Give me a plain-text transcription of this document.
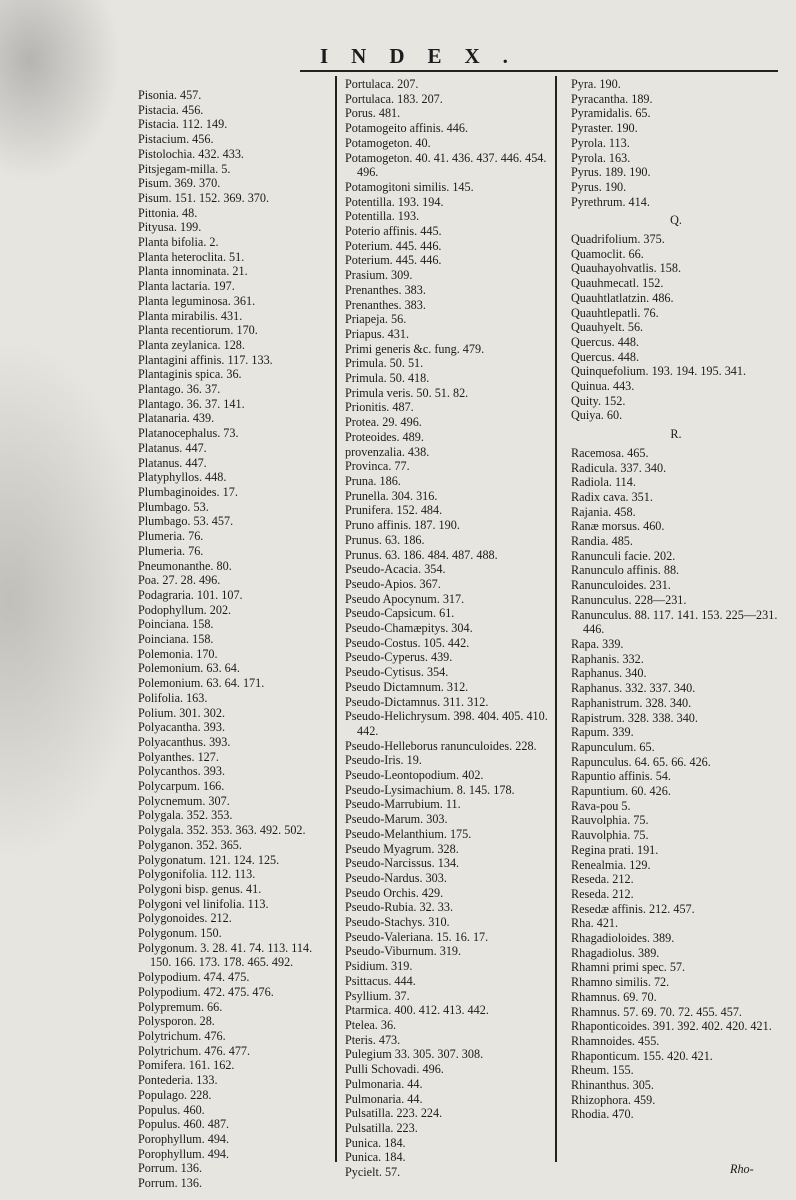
INDEX.
Pisonia. 457.
Pistacia. 456.
Pistacia. 112. 149.
Pistacium. 456.
Pistolochia. 432. 433.
Pitsjegam-milla. 5.
Pisum. 369. 370.
Pisum. 151. 152. 369. 370.
Pittonia. 48.
Pityusa. 199.
Planta bifolia. 2.
Planta heteroclita. 51.
Planta innominata. 21.
Planta lactaria. 197.
Planta leguminosa. 361.
Planta mirabilis. 431.
Planta recentiorum. 170.
Planta zeylanica. 128.
Plantagini affinis. 117. 133.
Plantaginis spica. 36.
Plantago. 36. 37.
Plantago. 36. 37. 141.
Platanaria. 439.
Platanocephalus. 73.
Platanus. 447.
Platanus. 447.
Platyphyllos. 448.
Plumbaginoides. 17.
Plumbago. 53.
Plumbago. 53. 457.
Plumeria. 76.
Plumeria. 76.
Pneumonanthe. 80.
Poa. 27. 28. 496.
Podagraria. 101. 107.
Podophyllum. 202.
Poinciana. 158.
Poinciana. 158.
Polemonia. 170.
Polemonium. 63. 64.
Polemonium. 63. 64. 171.
Polifolia. 163.
Polium. 301. 302.
Polyacantha. 393.
Polyacanthus. 393.
Polyanthes. 127.
Polycanthos. 393.
Polycarpum. 166.
Polycnemum. 307.
Polygala. 352. 353.
Polygala. 352. 353. 363. 492. 502.
Polyganon. 352. 365.
Polygonatum. 121. 124. 125.
Polygonifolia. 112. 113.
Polygoni bisp. genus. 41.
Polygoni vel linifolia. 113.
Polygonoides. 212.
Polygonum. 150.
Polygonum. 3. 28. 41. 74. 113. 114. 150. 166. 173. 178. 465. 492.
Polypodium. 474. 475.
Polypodium. 472. 475. 476.
Polypremum. 66.
Polysporon. 28.
Polytrichum. 476.
Polytrichum. 476. 477.
Pomifera. 161. 162.
Pontederia. 133.
Populago. 228.
Populus. 460.
Populus. 460. 487.
Porophyllum. 494.
Porophyllum. 494.
Porrum. 136.
Porrum. 136.
Portulaca. 207.
Portulaca. 183. 207.
Porus. 481.
Potamogeito affinis. 446.
Potamogeton. 40.
Potamogeton. 40. 41. 436. 437. 446. 454. 496.
Potamogitoni similis. 145.
Potentilla. 193. 194.
Potentilla. 193.
Poterio affinis. 445.
Poterium. 445. 446.
Poterium. 445. 446.
Prasium. 309.
Prenanthes. 383.
Prenanthes. 383.
Priapeja. 56.
Priapus. 431.
Primi generis &c. fung. 479.
Primula. 50. 51.
Primula. 50. 418.
Primula veris. 50. 51. 82.
Prionitis. 487.
Protea. 29. 496.
Proteoides. 489.
provenzalia. 438.
Provinca. 77.
Pruna. 186.
Prunella. 304. 316.
Prunifera. 152. 484.
Pruno affinis. 187. 190.
Prunus. 63. 186.
Prunus. 63. 186. 484. 487. 488.
Pseudo-Acacia. 354.
Pseudo-Apios. 367.
Pseudo Apocynum. 317.
Pseudo-Capsicum. 61.
Pseudo-Chamæpitys. 304.
Pseudo-Costus. 105. 442.
Pseudo-Cyperus. 439.
Pseudo-Cytisus. 354.
Pseudo Dictamnum. 312.
Pseudo-Dictamnus. 311. 312.
Pseudo-Helichrysum. 398. 404. 405. 410. 442.
Pseudo-Helleborus ranunculoides. 228.
Pseudo-Iris. 19.
Pseudo-Leontopodium. 402.
Pseudo-Lysimachium. 8. 145. 178.
Pseudo-Marrubium. 11.
Pseudo-Marum. 303.
Pseudo-Melanthium. 175.
Pseudo Myagrum. 328.
Pseudo-Narcissus. 134.
Pseudo-Nardus. 303.
Pseudo Orchis. 429.
Pseudo-Rubia. 32. 33.
Pseudo-Stachys. 310.
Pseudo-Valeriana. 15. 16. 17.
Pseudo-Viburnum. 319.
Psidium. 319.
Psittacus. 444.
Psyllium. 37.
Ptarmica. 400. 412. 413. 442.
Ptelea. 36.
Pteris. 473.
Pulegium 33. 305. 307. 308.
Pulli Schovadi. 496.
Pulmonaria. 44.
Pulmonaria. 44.
Pulsatilla. 223. 224.
Pulsatilla. 223.
Punica. 184.
Punica. 184.
Pycielt. 57.
Pyra. 190.
Pyracantha. 189.
Pyramidalis. 65.
Pyraster. 190.
Pyrola. 113.
Pyrola. 163.
Pyrus. 189. 190.
Pyrus. 190.
Pyrethrum. 414.
Q.
Quadrifolium. 375.
Quamoclit. 66.
Quauhayohvatlis. 158.
Quauhmecatl. 152.
Quauhtlatlatzin. 486.
Quauhtlepatli. 76.
Quauhyelt. 56.
Quercus. 448.
Quercus. 448.
Quinquefolium. 193. 194. 195. 341.
Quinua. 443.
Quity. 152.
Quiya. 60.
R.
Racemosa. 465.
Radicula. 337. 340.
Radiola. 114.
Radix cava. 351.
Rajania. 458.
Ranæ morsus. 460.
Randia. 485.
Ranunculi facie. 202.
Ranunculo affinis. 88.
Ranunculoides. 231.
Ranunculus. 228—231.
Ranunculus. 88. 117. 141. 153. 225—231. 446.
Rapa. 339.
Raphanis. 332.
Raphanus. 340.
Raphanus. 332. 337. 340.
Raphanistrum. 328. 340.
Rapistrum. 328. 338. 340.
Rapum. 339.
Rapunculum. 65.
Rapunculus. 64. 65. 66. 426.
Rapuntio affinis. 54.
Rapuntium. 60. 426.
Rava-pou 5.
Rauvolphia. 75.
Rauvolphia. 75.
Regina prati. 191.
Renealmia. 129.
Reseda. 212.
Reseda. 212.
Resedæ affinis. 212. 457.
Rha. 421.
Rhagadioloides. 389.
Rhagadiolus. 389.
Rhamni primi spec. 57.
Rhamno similis. 72.
Rhamnus. 69. 70.
Rhamnus. 57. 69. 70. 72. 455. 457.
Rhaponticoides. 391. 392. 402. 420. 421.
Rhamnoides. 455.
Rhaponticum. 155. 420. 421.
Rheum. 155.
Rhinanthus. 305.
Rhizophora. 459.
Rhodia. 470.
Rho-
